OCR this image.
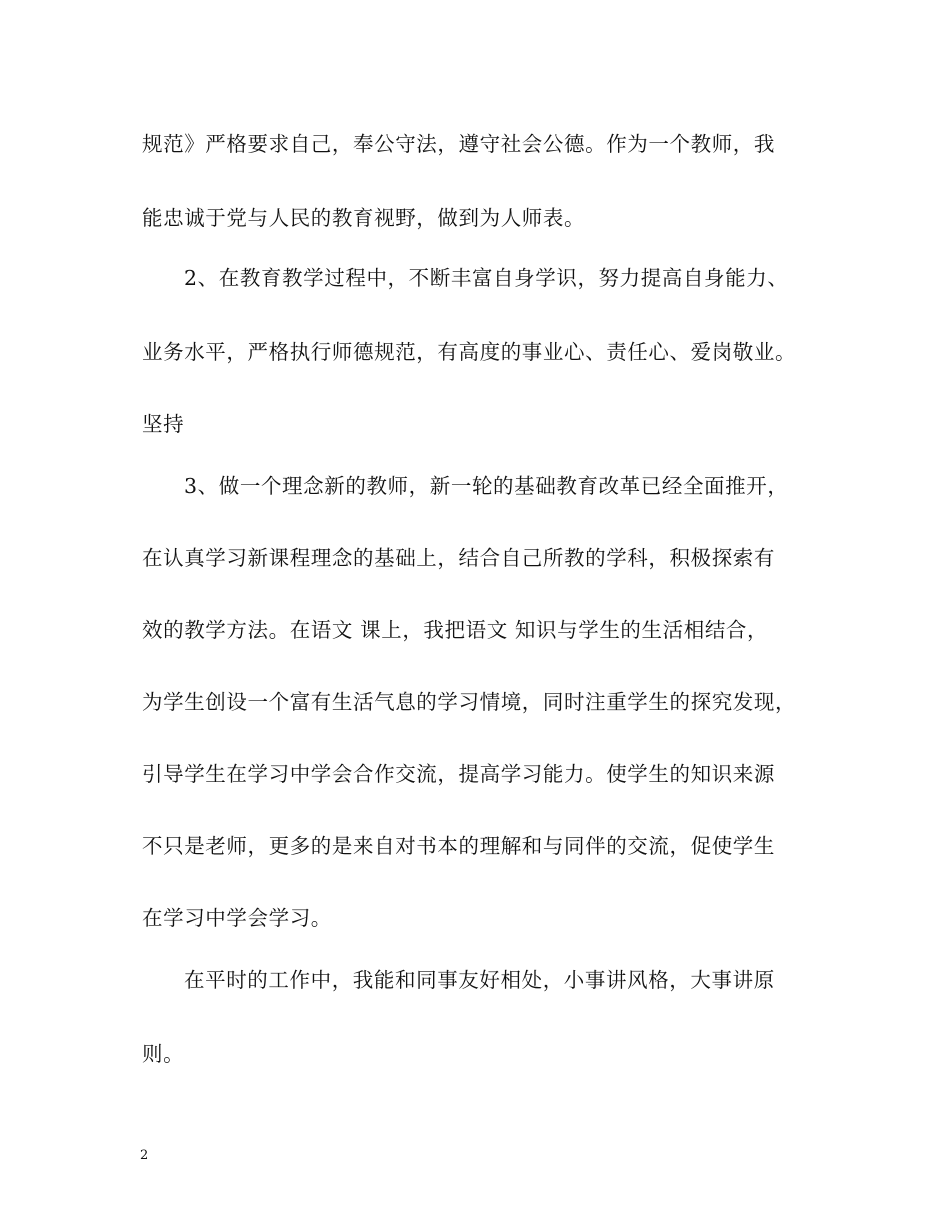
规范》严格要求自己，奉公守法，遵守社会公德。作为一个教师，我
能忠诚于党与人民的教育视野，做到为人师表。
2、在教育教学过程中，不断丰富自身学识，努力提高自身能力、
业务水平，严格执行师德规范，有高度的事业心、责任心、爱岗敬业。
坚持
3、做一个理念新的教师，新一轮的基础教育改革已经全面推开，
在认真学习新课程理念的基础上，结合自己所教的学科，积极探索有
效的教学方法。在语文 课上，我把语文 知识与学生的生活相结合，
为学生创设一个富有生活气息的学习情境，同时注重学生的探究发现，
引导学生在学习中学会合作交流，提高学习能力。使学生的知识来源
不只是老师，更多的是来自对书本的理解和与同伴的交流，促使学生
在学习中学会学习。
在平时的工作中，我能和同事友好相处，小事讲风格，大事讲原
则。
2
